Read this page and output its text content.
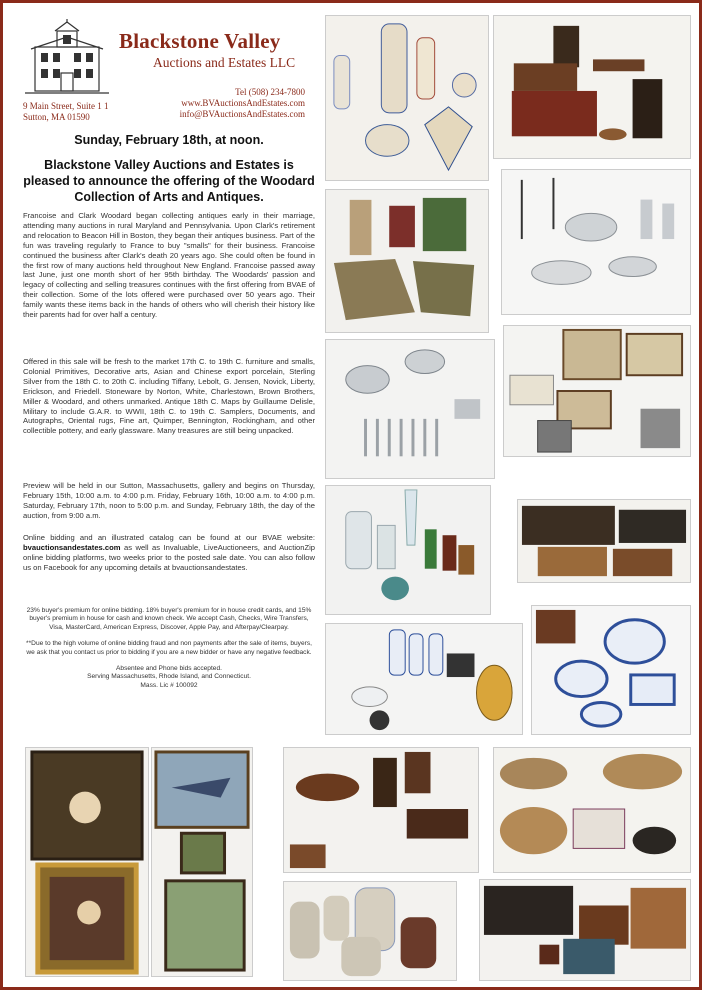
Blackstone Valley
Auctions and Estates LLC
9 Main Street, Suite 1 1
Sutton, MA 01590
Tel (508) 234-7800
www.BVAuctionsAndEstates.com
info@BVAuctionsAndEstates.com
Sunday, February 18th, at noon.
Blackstone Valley Auctions and Estates is pleased to announce the offering of the Woodard Collection of Arts and Antiques.
Francoise and Clark Woodard began collecting antiques early in their marriage, attending many auctions in rural Maryland and Pennsylvania. Upon Clark's retirement and relocation to Beacon Hill in Boston, they began their antiques business. Part of the fun was traveling regularly to France to buy "smalls" for their business. Francoise continued the business after Clark's death 20 years ago. She could often be found in the first row of many auctions held throughout New England. Francoise passed away last June, just one month short of her 95th birthday. The Woodards' passion and legacy of collecting and selling treasures continues with the first offering from BVAE of their collection. Some of the lots offered were purchased over 50 years ago. Their family wants these items back in the hands of others who will cherish their history like their parents had for over half a century.
Offered in this sale will be fresh to the market 17th C. to 19th C. furniture and smalls, Colonial Primitives, Decorative arts, Asian and Chinese export porcelain, Sterling Silver from the 18th C. to 20th C. including Tiffany, Lebolt, G. Jensen, Novick, Liberty, Erickson, and Friedell. Stoneware by Norton, White, Charlestown, Brown Brothers, Miller & Woodard, and others unmarked. Antique 18th C. Maps by Guillaume Delisle, Military to include G.A.R. to WWII, 18th C. to 19th C. Samplers, Documents, and Autographs, Oriental rugs, Fine art, Quimper, Bennington, Rockingham, and other collectible pottery, and early glassware. Many treasures are still being unpacked.
Preview will be held in our Sutton, Massachusetts, gallery and begins on Thursday, February 15th, 10:00 a.m. to 4:00 p.m. Friday, February 16th, 10:00 a.m. to 4:00 p.m. Saturday, February 17th, noon to 5:00 p.m. and Sunday, February 18th, the day of the auction, from 9:00 a.m.
Online bidding and an illustrated catalog can be found at our BVAE website: bvauctionsandestates.com as well as Invaluable, LiveAuctioneers, and AuctionZip online bidding platforms, two weeks prior to the posted sale date. You can also follow us on Facebook for any upcoming details at bvauctionsandestates.

23% buyer's premium for online bidding. 18% buyer's premium for in house credit cards, and 15% buyer's premium in house for cash and known check. We accept Cash, Checks, Wire Transfers, Visa, MasterCard, American Express, Discover, Apple Pay, and Afterpay/Clearpay.

**Due to the high volume of online bidding fraud and non payments after the sale of items, buyers, we ask that you contact us prior to bidding if you are a new bidder or have any negative feedback.

Absentee and Phone bids accepted.
Serving Massachusetts, Rhode Island, and Connecticut.
Mass. Lic # 100092
